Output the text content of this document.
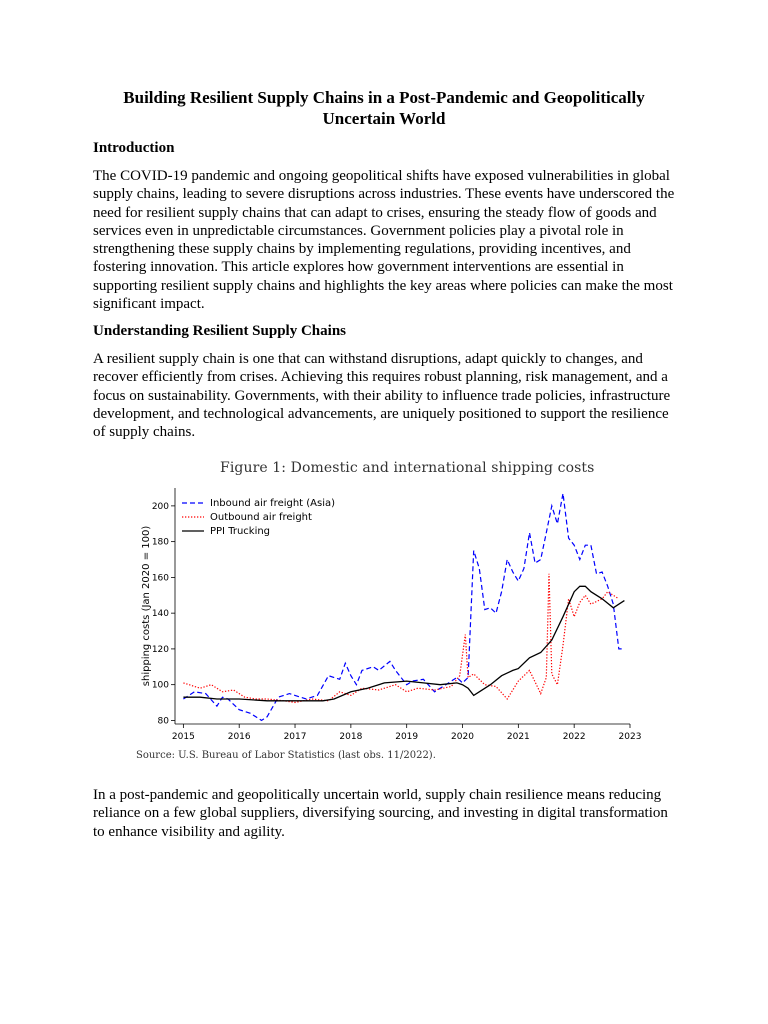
Building Resilient Supply Chains in a Post-Pandemic and Geopolitically Uncertain World
Introduction

The COVID-19 pandemic and ongoing geopolitical shifts have exposed vulnerabilities in global supply chains, leading to severe disruptions across industries. These events have underscored the need for resilient supply chains that can adapt to crises, ensuring the steady flow of goods and services even in unpredictable circumstances. Government policies play a pivotal role in strengthening these supply chains by implementing regulations, providing incentives, and fostering innovation. This article explores how government interventions are essential in supporting resilient supply chains and highlights the key areas where policies can make the most significant impact.

Understanding Resilient Supply Chains

A resilient supply chain is one that can withstand disruptions, adapt quickly to changes, and recover efficiently from crises. Achieving this requires robust planning, risk management, and a focus on sustainability. Governments, with their ability to influence trade policies, infrastructure development, and technological advancements, are uniquely positioned to support the resilience of supply chains.

Figure 1: Domestic and international shipping costs

2015	2016	2017	2018	2019	2020	2021	2022	2023
80
100
120
140
160
180
200	Inbound air freight (Asia)
Outbound air freight
PPI Trucking
shipping costs (Jan 2020 = 100)

Source: U.S. Bureau of Labor Statistics (last obs. 11/2022).

In a post-pandemic and geopolitically uncertain world, supply chain resilience means reducing reliance on a few global suppliers, diversifying sourcing, and investing in digital transformation to enhance visibility and agility.
